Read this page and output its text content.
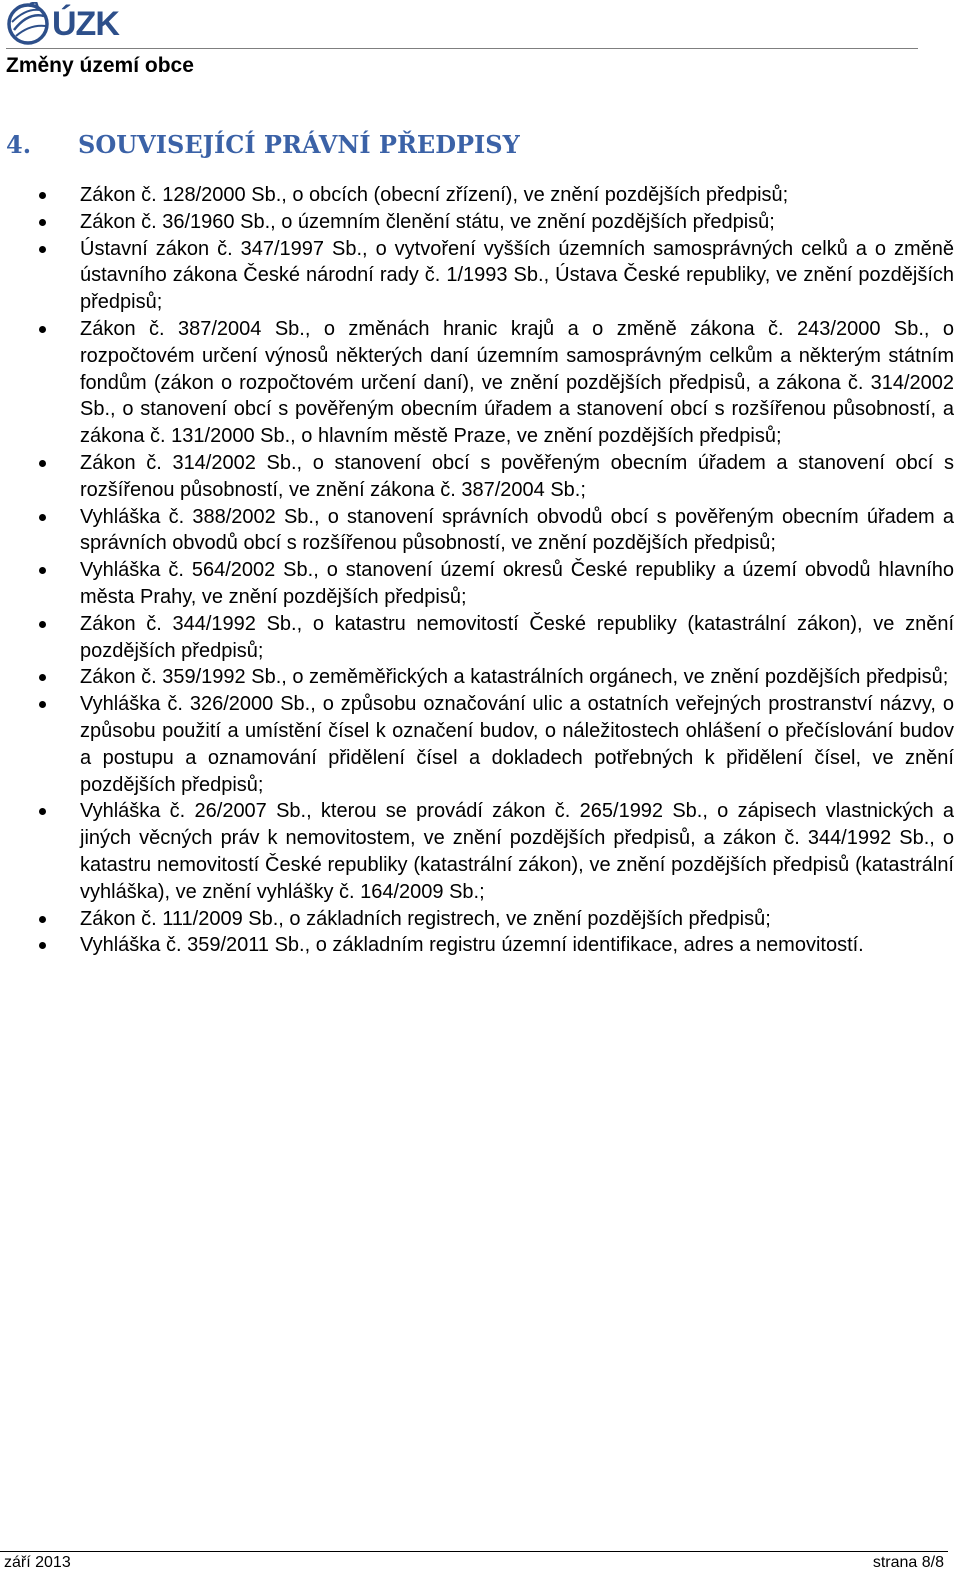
ÚZK
Změny území obce
4.	SOUVISEJÍCÍ PRÁVNÍ PŘEDPISY
Zákon č. 128/2000 Sb., o obcích (obecní zřízení), ve znění pozdějších předpisů;
Zákon č. 36/1960 Sb., o územním členění státu, ve znění pozdějších předpisů;
Ústavní zákon č. 347/1997 Sb., o vytvoření vyšších územních samosprávných celků a o změně ústavního zákona České národní rady č. 1/1993 Sb., Ústava České republiky, ve znění pozdějších předpisů;
Zákon č. 387/2004 Sb., o změnách hranic krajů a o změně zákona č. 243/2000 Sb., o rozpočtovém určení výnosů některých daní územním samosprávným celkům a některým státním fondům (zákon o rozpočtovém určení daní), ve znění pozdějších předpisů, a zákona č. 314/2002 Sb., o stanovení obcí s pověřeným obecním úřadem a stanovení obcí s rozšířenou působností, a zákona č. 131/2000 Sb., o hlavním městě Praze, ve znění pozdějších předpisů;
Zákon č. 314/2002 Sb., o stanovení obcí s pověřeným obecním úřadem a stanovení obcí s rozšířenou působností, ve znění zákona č. 387/2004 Sb.;
Vyhláška č. 388/2002 Sb., o stanovení správních obvodů obcí s pověřeným obecním úřadem a správních obvodů obcí s rozšířenou působností, ve znění pozdějších předpisů;
Vyhláška č. 564/2002 Sb., o stanovení území okresů České republiky a území obvodů hlavního města Prahy, ve znění pozdějších předpisů;
Zákon č. 344/1992 Sb., o katastru nemovitostí České republiky (katastrální zákon), ve znění pozdějších předpisů;
Zákon č. 359/1992 Sb., o zeměměřických a katastrálních orgánech, ve znění pozdějších předpisů;
Vyhláška č. 326/2000 Sb., o způsobu označování ulic a ostatních veřejných prostranství názvy, o způsobu použití a umístění čísel k označení budov, o náležitostech ohlášení o přečíslování budov a postupu a oznamování přidělení čísel a dokladech potřebných k přidělení čísel, ve znění pozdějších předpisů;
Vyhláška č. 26/2007 Sb., kterou se provádí zákon č. 265/1992 Sb., o zápisech vlastnických a jiných věcných práv k nemovitostem, ve znění pozdějších předpisů, a zákon č. 344/1992 Sb., o katastru nemovitostí České republiky (katastrální zákon), ve znění pozdějších předpisů (katastrální vyhláška), ve znění vyhlášky č. 164/2009 Sb.;
Zákon č. 111/2009 Sb., o základních registrech, ve znění pozdějších předpisů;
Vyhláška č. 359/2011 Sb., o základním registru územní identifikace, adres a nemovitostí.
září 2013	strana 8/8
